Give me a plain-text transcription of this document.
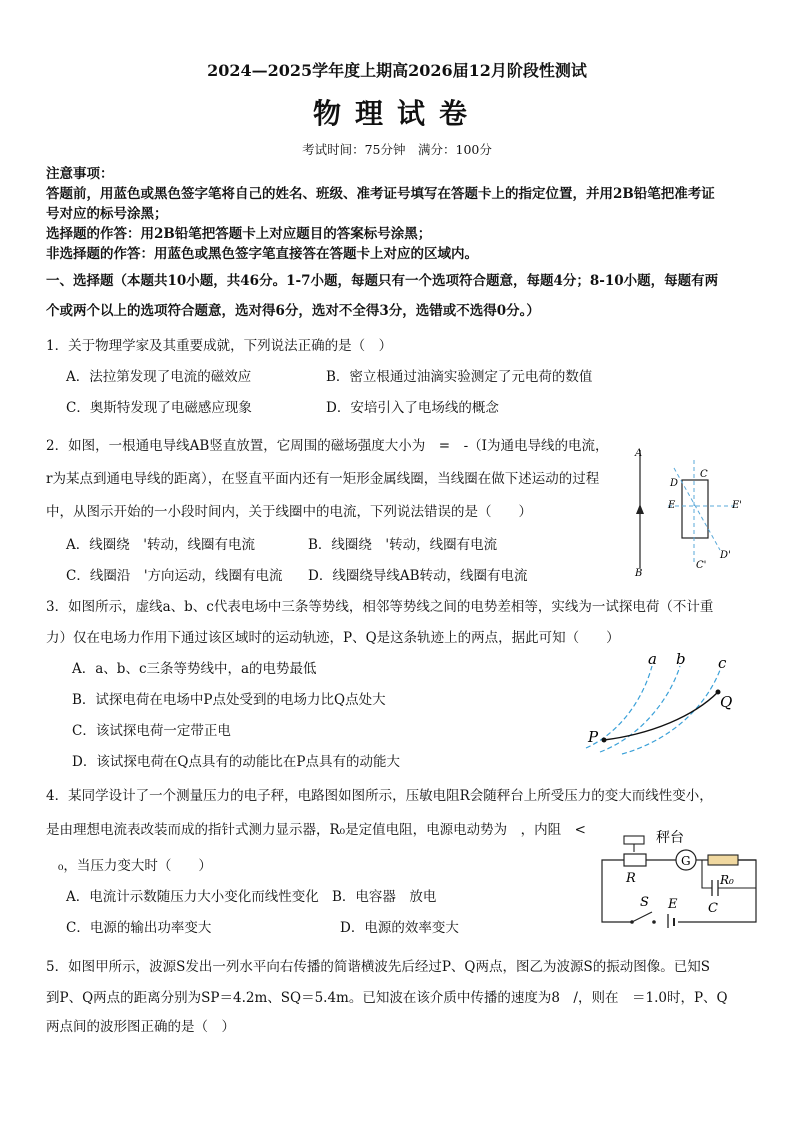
2024—2025学年度上期高2026届12月阶段性测试
物理试卷
考试时间：75分钟　满分：100分
注意事项：
答题前，用蓝色或黑色签字笔将自己的姓名、班级、准考证号填写在答题卡上的指定位置，并用2B铅笔把准考证
号对应的标号涂黑；
选择题的作答：用2B铅笔把答题卡上对应题目的答案标号涂黑；
非选择题的作答：用蓝色或黑色签字笔直接答在答题卡上对应的区域内。
一、选择题（本题共10小题，共46分。1-7小题，每题只有一个选项符合题意，每题4分；8-10小题，每题有两
个或两个以上的选项符合题意，选对得6分，选对不全得3分，选错或不选得0分。）
1．关于物理学家及其重要成就，下列说法正确的是（　）
A．法拉第发现了电流的磁效应	B．密立根通过油滴实验测定了元电荷的数值
C．奥斯特发现了电磁感应现象	D．安培引入了电场线的概念
2．如图，一根通电导线AB竖直放置，它周围的磁场强度大小为　=　-（I为通电导线的电流，
r为某点到通电导线的距离），在竖直平面内还有一矩形金属线圈，当线圈在做下述运动的过程
中，从图示开始的一小段时间内，关于线圈中的电流，下列说法错误的是（　　）
A．线圈绕　'转动，线圈有电流	B．线圈绕　'转动，线圈有电流
C．线圈沿　'方向运动，线圈有电流 D．线圈绕导线AB转动，线圈有电流
A
B
C
D
E	E'
C'
D'
3．如图所示，虚线a、b、c代表电场中三条等势线，相邻等势线之间的电势差相等，实线为一试探电荷（不计重
力）仅在电场力作用下通过该区域时的运动轨迹，P、Q是这条轨迹上的两点，据此可知（　　）
A．a、b、c三条等势线中，a的电势最低
B．试探电荷在电场中P点处受到的电场力比Q点处大
C．该试探电荷一定带正电
D．该试探电荷在Q点具有的动能比在P点具有的动能大
a b c
P
Q
4．某同学设计了一个测量压力的电子秤，电路图如图所示，压敏电阻R会随秤台上所受压力的变大而线性变小，
是由理想电流表改装而成的指针式测力显示器，R₀是定值电阻，电源电动势为　，内阻　<
₀，当压力变大时（　　）
A．电流计示数随压力大小变化而线性变化 B．电容器　放电
C．电源的输出功率变大	D．电源的效率变大
秤台
R
G
R₀
C
S E
5．如图甲所示，波源S发出一列水平向右传播的简谐横波先后经过P、Q两点，图乙为波源S的振动图像。已知S
到P、Q两点的距离分别为SP＝4.2m、SQ＝5.4m。已知波在该介质中传播的速度为8　/，则在　＝1.0时，P、Q
两点间的波形图正确的是（　）
